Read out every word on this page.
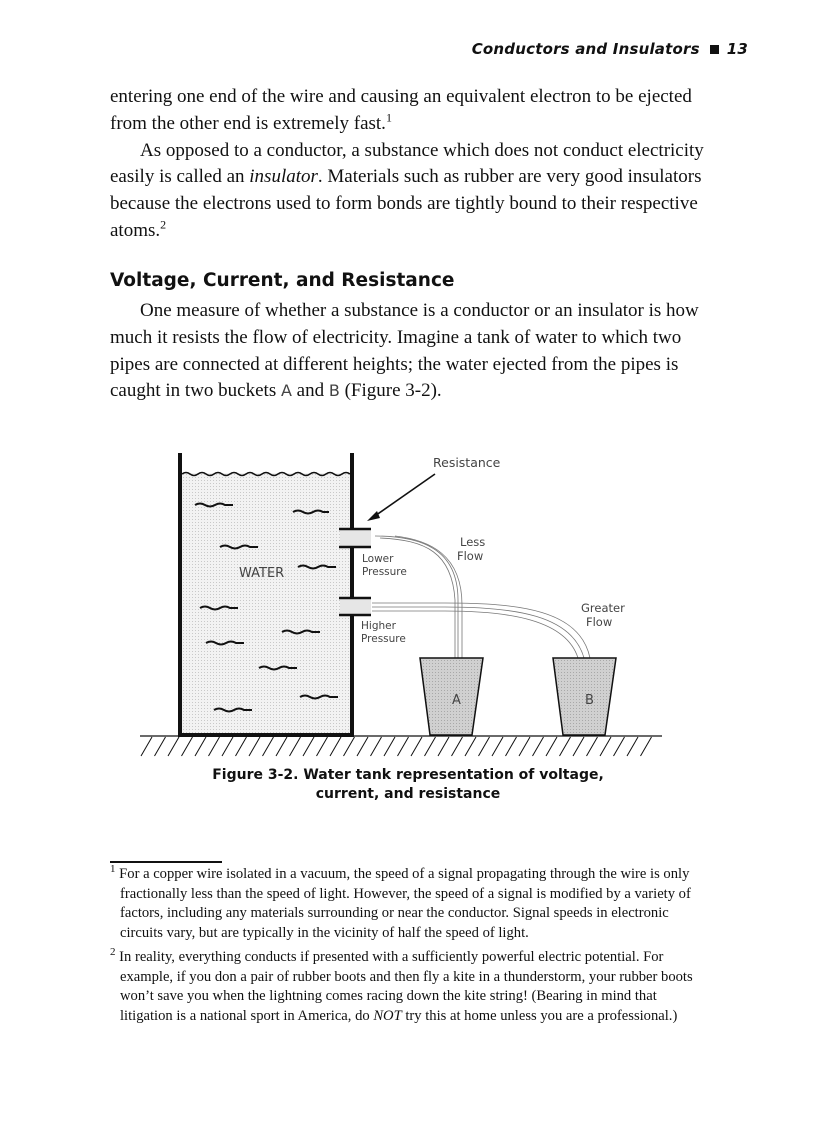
Conductors and Insulators 13
entering one end of the wire and causing an equivalent electron to be ejected
from the other end is extremely fast.$^1$
As opposed to a conductor, a substance which does not conduct electricity
easily is called an insulator. Materials such as rubber are very good insulators
because the electrons used to form bonds are tightly bound to their respective
atoms.$^2$
Voltage, Current, and Resistance
One measure of whether a substance is a conductor or an insulator is how
much it resists the flow of electricity. Imagine a tank of water to which two
pipes are connected at different heights; the water ejected from the pipes is
caught in two buckets A and B (Figure 3-2).
WATER
Resistance
Lower
Pressure
Higher
Pressure
Less
Flow
Greater
Flow
A	B
Figure 3-2. Water tank representation of voltage,
current, and resistance
$^1$ For a copper wire isolated in a vacuum, the speed of a signal propagating through the wire is only
fractionally less than the speed of light. However, the speed of a signal is modified by a variety of
factors, including any materials surrounding or near the conductor. Signal speeds in electronic
circuits vary, but are typically in the vicinity of half the speed of light.
$^2$ In reality, everything conducts if presented with a sufficiently powerful electric potential. For
example, if you don a pair of rubber boots and then fly a kite in a thunderstorm, your rubber boots
won’t save you when the lightning comes racing down the kite string! (Bearing in mind that
litigation is a national sport in America, do NOT try this at home unless you are a professional.)
